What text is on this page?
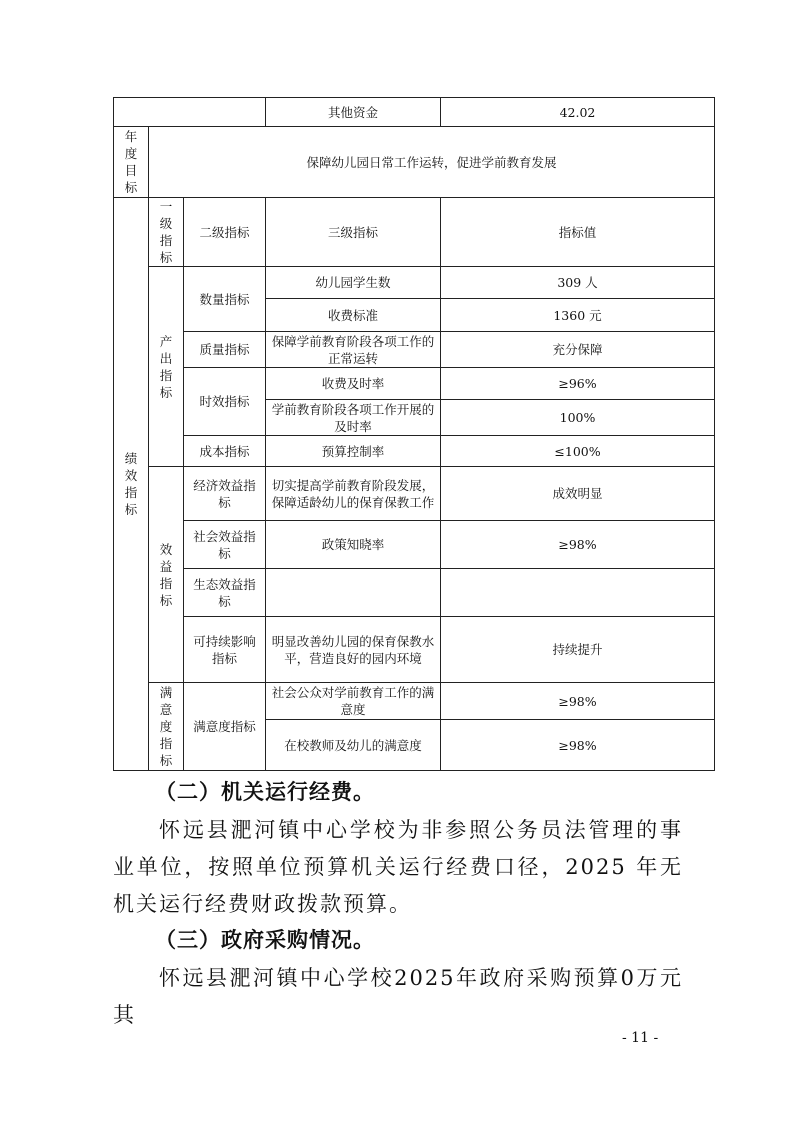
			其他资金	42.02

年度目标	保障幼儿园日常工作运转，促进学前教育发展			

绩效指标	一级指标	二级指标	三级指标	指标值

	产出指标	数量指标	幼儿园学生数	309 人
			收费标准	1360 元
		质量指标	保障学前教育阶段各项工作的正常运转	充分保障
		时效指标	收费及时率	≥96%
			学前教育阶段各项工作开展的及时率	100%
		成本指标	预算控制率	≤100%

	效益指标	经济效益指标	切实提高学前教育阶段发展，保障适龄幼儿的保育保教工作	成效明显
		社会效益指标	政策知晓率	≥98%
		生态效益指标		
		可持续影响指标	明显改善幼儿园的保育保教水平，营造良好的园内环境	持续提升

	满意度指标	满意度指标	社会公众对学前教育工作的满意度	≥98%
			在校教师及幼儿的满意度	≥98%

（二）机关运行经费。

怀远县淝河镇中心学校为非参照公务员法管理的事业单位，按照单位预算机关运行经费口径，2025 年无机关运行经费财政拨款预算。

（三）政府采购情况。

怀远县淝河镇中心学校2025年政府采购预算0万元其

- 11 -
